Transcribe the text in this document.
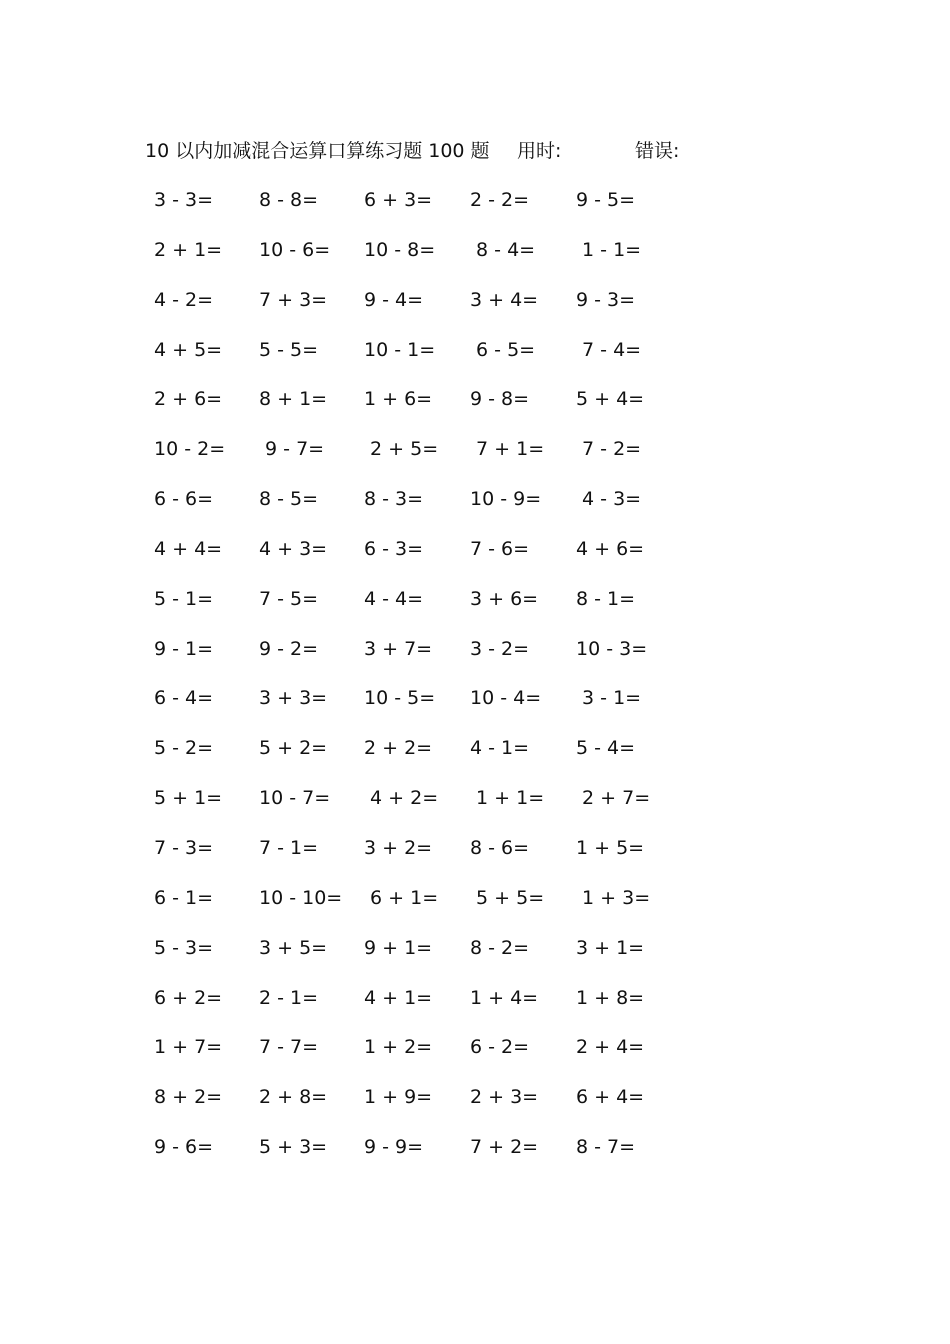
10 以内加减混合运算口算练习题 100 题 用时:	错误:
3 - 3= 8 - 8= 6 + 3= 2 - 2= 9 - 5=
2 + 1= 10 - 6= 10 - 8= 8 - 4= 1 - 1=
4 - 2= 7 + 3= 9 - 4= 3 + 4= 9 - 3=
4 + 5= 5 - 5= 10 - 1= 6 - 5= 7 - 4=
2 + 6= 8 + 1= 1 + 6= 9 - 8= 5 + 4=
10 - 2= 9 - 7= 2 + 5= 7 + 1= 7 - 2=
6 - 6= 8 - 5= 8 - 3= 10 - 9= 4 - 3=
4 + 4= 4 + 3= 6 - 3= 7 - 6= 4 + 6=
5 - 1= 7 - 5= 4 - 4= 3 + 6= 8 - 1=
9 - 1= 9 - 2= 3 + 7= 3 - 2= 10 - 3=
6 - 4= 3 + 3= 10 - 5= 10 - 4= 3 - 1=
5 - 2= 5 + 2= 2 + 2= 4 - 1= 5 - 4=
5 + 1= 10 - 7= 4 + 2= 1 + 1= 2 + 7=
7 - 3= 7 - 1= 3 + 2= 8 - 6= 1 + 5=
6 - 1= 10 - 10= 6 + 1= 5 + 5= 1 + 3=
5 - 3= 3 + 5= 9 + 1= 8 - 2= 3 + 1=
6 + 2= 2 - 1= 4 + 1= 1 + 4= 1 + 8=
1 + 7= 7 - 7= 1 + 2= 6 - 2= 2 + 4=
8 + 2= 2 + 8= 1 + 9= 2 + 3= 6 + 4=
9 - 6= 5 + 3= 9 - 9= 7 + 2= 8 - 7=
